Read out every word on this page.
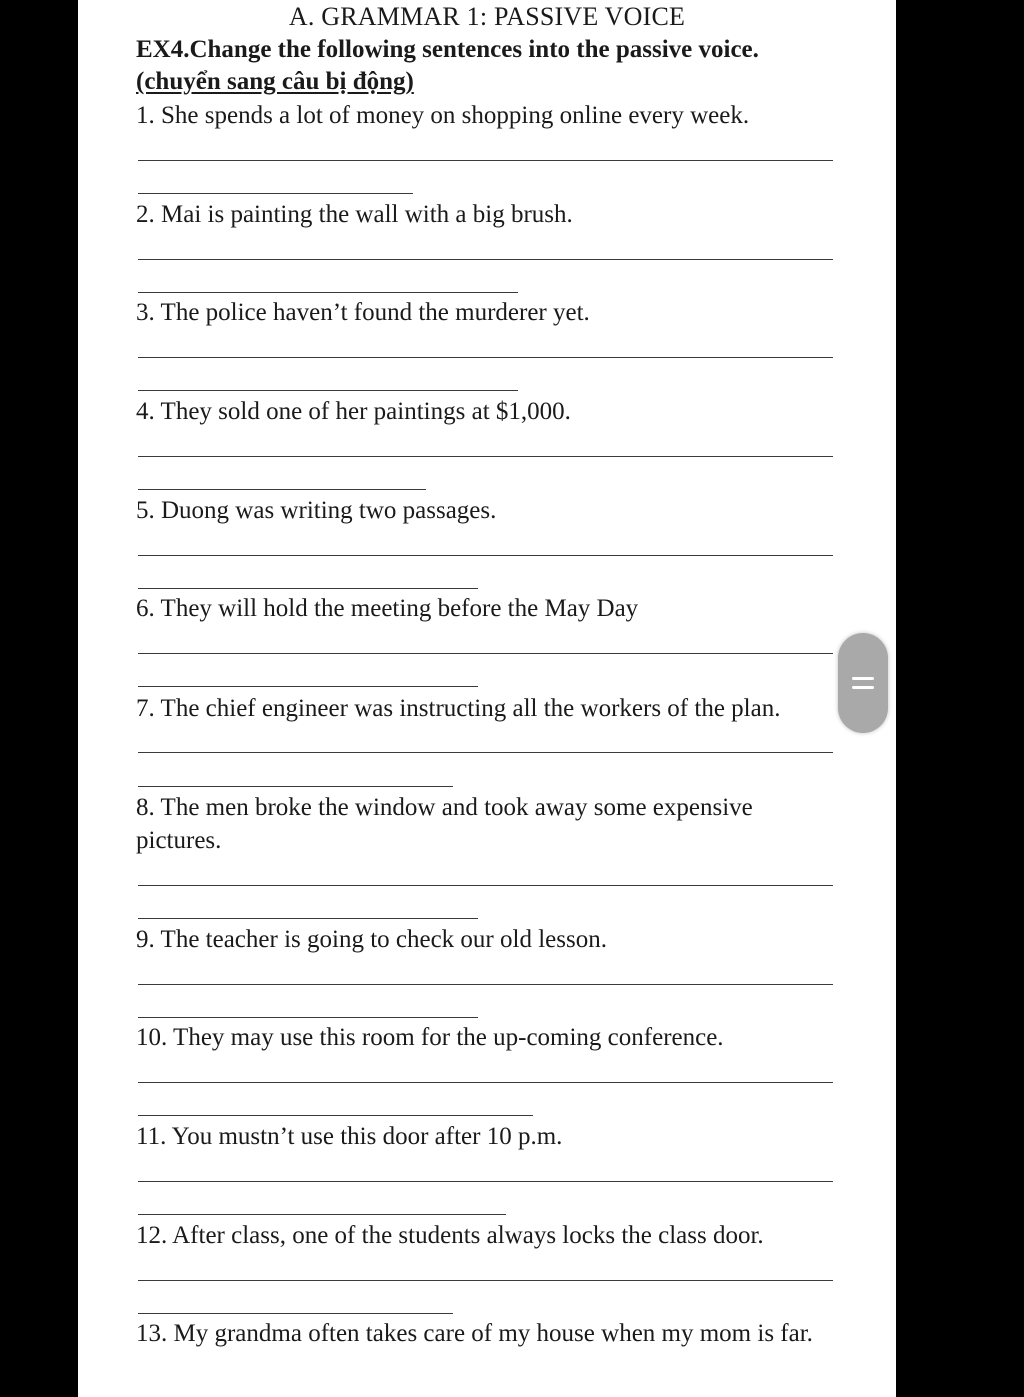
A. GRAMMAR 1: PASSIVE VOICE
EX4.Change the following sentences into the passive voice.
(chuyển sang câu bị động)
1. She spends a lot of money on shopping online every week.
2. Mai is painting the wall with a big brush.
3. The police haven’t found the murderer yet.
4. They sold one of her paintings at $1,000.
5. Duong was writing two passages.
6. They will hold the meeting before the May Day
7. The chief engineer was instructing all the workers of the plan.
8. The men broke the window and took away some expensive pictures.
9. The teacher is going to check our old lesson.
10. They may use this room for the up-coming conference.
11. You mustn’t use this door after 10 p.m.
12. After class, one of the students always locks the class door.
13. My grandma often takes care of my house when my mom is far.
